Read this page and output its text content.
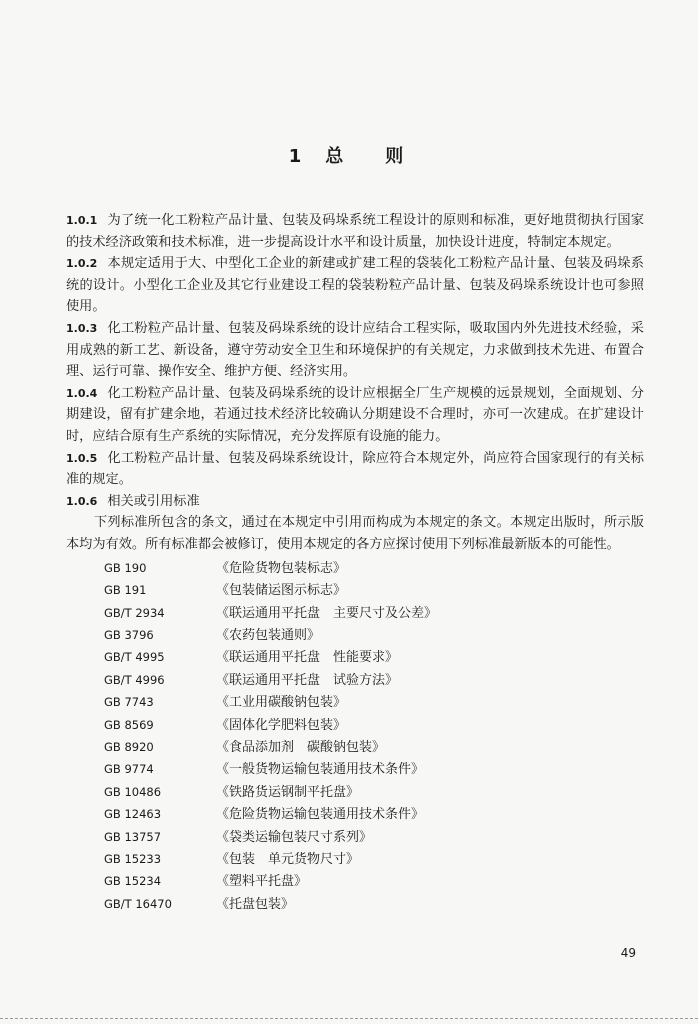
1 总 则

1.0.1 为了统一化工粉粒产品计量、包装及码垛系统工程设计的原则和标准，更好地贯彻执行国家的技术经济政策和技术标准，进一步提高设计水平和设计质量，加快设计进度，特制定本规定。

1.0.2 本规定适用于大、中型化工企业的新建或扩建工程的袋装化工粉粒产品计量、包装及码垛系统的设计。小型化工企业及其它行业建设工程的袋装粉粒产品计量、包装及码垛系统设计也可参照使用。

1.0.3 化工粉粒产品计量、包装及码垛系统的设计应结合工程实际，吸取国内外先进技术经验，采用成熟的新工艺、新设备，遵守劳动安全卫生和环境保护的有关规定，力求做到技术先进、布置合理、运行可靠、操作安全、维护方便、经济实用。

1.0.4 化工粉粒产品计量、包装及码垛系统的设计应根据全厂生产规模的远景规划，全面规划、分期建设，留有扩建余地，若通过技术经济比较确认分期建设不合理时，亦可一次建成。在扩建设计时，应结合原有生产系统的实际情况，充分发挥原有设施的能力。

1.0.5 化工粉粒产品计量、包装及码垛系统设计，除应符合本规定外，尚应符合国家现行的有关标准的规定。

1.0.6 相关或引用标准

下列标准所包含的条文，通过在本规定中引用而构成为本规定的条文。本规定出版时，所示版本均为有效。所有标准都会被修订，使用本规定的各方应探讨使用下列标准最新版本的可能性。

GB 190	《危险货物包装标志》
GB 191	《包装储运图示标志》
GB/T 2934	《联运通用平托盘　主要尺寸及公差》
GB 3796	《农药包装通则》
GB/T 4995	《联运通用平托盘　性能要求》
GB/T 4996	《联运通用平托盘　试验方法》
GB 7743	《工业用碳酸钠包装》
GB 8569	《固体化学肥料包装》
GB 8920	《食品添加剂　碳酸钠包装》
GB 9774	《一般货物运输包装通用技术条件》
GB 10486	《铁路货运钢制平托盘》
GB 12463	《危险货物运输包装通用技术条件》
GB 13757	《袋类运输包装尺寸系列》
GB 15233	《包装　单元货物尺寸》
GB 15234	《塑料平托盘》
GB/T 16470	《托盘包装》
49
